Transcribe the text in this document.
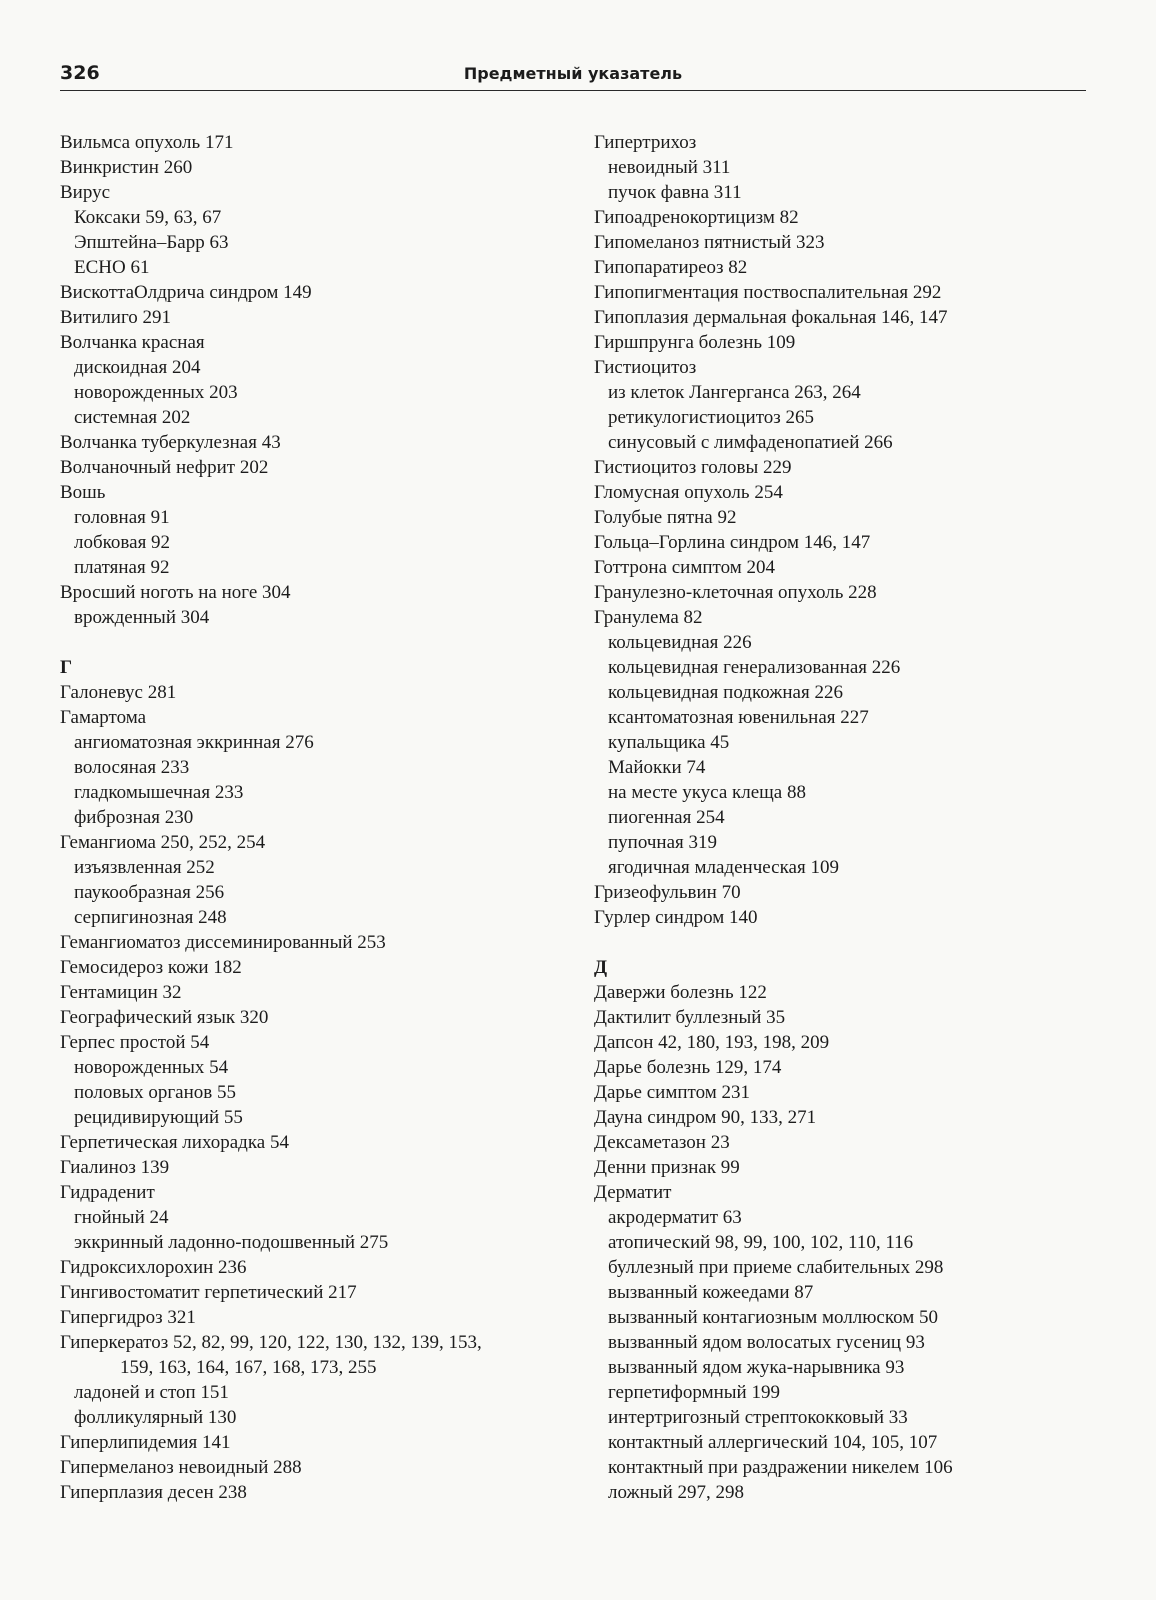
326	Предметный указатель
Вильмса опухоль 171
Винкристин 260
Вирус
Коксаки 59, 63, 67
Эпштейна–Барр 63
ECHO 61
ВискоттаОлдрича синдром 149
Витилиго 291
Волчанка красная
дискоидная 204
новорожденных 203
системная 202
Волчанка туберкулезная 43
Волчаночный нефрит 202
Вошь
головная 91
лобковая 92
платяная 92
Вросший ноготь на ноге 304
врожденный 304
Г
Галоневус 281
Гамартома
ангиоматозная эккринная 276
волосяная 233
гладкомышечная 233
фиброзная 230
Гемангиома 250, 252, 254
изъязвленная 252
паукообразная 256
серпигинозная 248
Гемангиоматоз диссеминированный 253
Гемосидероз кожи 182
Гентамицин 32
Географический язык 320
Герпес простой 54
новорожденных 54
половых органов 55
рецидивирующий 55
Герпетическая лихорадка 54
Гиалиноз 139
Гидраденит
гнойный 24
эккринный ладонно-подошвенный 275
Гидроксихлорохин 236
Гингивостоматит герпетический 217
Гипергидроз 321
Гиперкератоз 52, 82, 99, 120, 122, 130, 132, 139, 153,
159, 163, 164, 167, 168, 173, 255
ладоней и стоп 151
фолликулярный 130
Гиперлипидемия 141
Гипермеланоз невоидный 288
Гиперплазия десен 238
Гипертрихоз
невоидный 311
пучок фавна 311
Гипоадренокортицизм 82
Гипомеланоз пятнистый 323
Гипопаратиреоз 82
Гипопигментация поствоспалительная 292
Гипоплазия дермальная фокальная 146, 147
Гиршпрунга болезнь 109
Гистиоцитоз
из клеток Лангерганса 263, 264
ретикулогистиоцитоз 265
синусовый с лимфаденопатией 266
Гистиоцитоз головы 229
Гломусная опухоль 254
Голубые пятна 92
Гольца–Горлина синдром 146, 147
Готтрона симптом 204
Гранулезно-клеточная опухоль 228
Гранулема 82
кольцевидная 226
кольцевидная генерализованная 226
кольцевидная подкожная 226
ксантоматозная ювенильная 227
купальщика 45
Майокки 74
на месте укуса клеща 88
пиогенная 254
пупочная 319
ягодичная младенческая 109
Гризеофульвин 70
Гурлер синдром 140
Д
Давержи болезнь 122
Дактилит буллезный 35
Дапсон 42, 180, 193, 198, 209
Дарье болезнь 129, 174
Дарье симптом 231
Дауна синдром 90, 133, 271
Дексаметазон 23
Денни признак 99
Дерматит
акродерматит 63
атопический 98, 99, 100, 102, 110, 116
буллезный при приеме слабительных 298
вызванный кожеедами 87
вызванный контагиозным моллюском 50
вызванный ядом волосатых гусениц 93
вызванный ядом жука-нарывника 93
герпетиформный 199
интертригозный стрептококковый 33
контактный аллергический 104, 105, 107
контактный при раздражении никелем 106
ложный 297, 298
